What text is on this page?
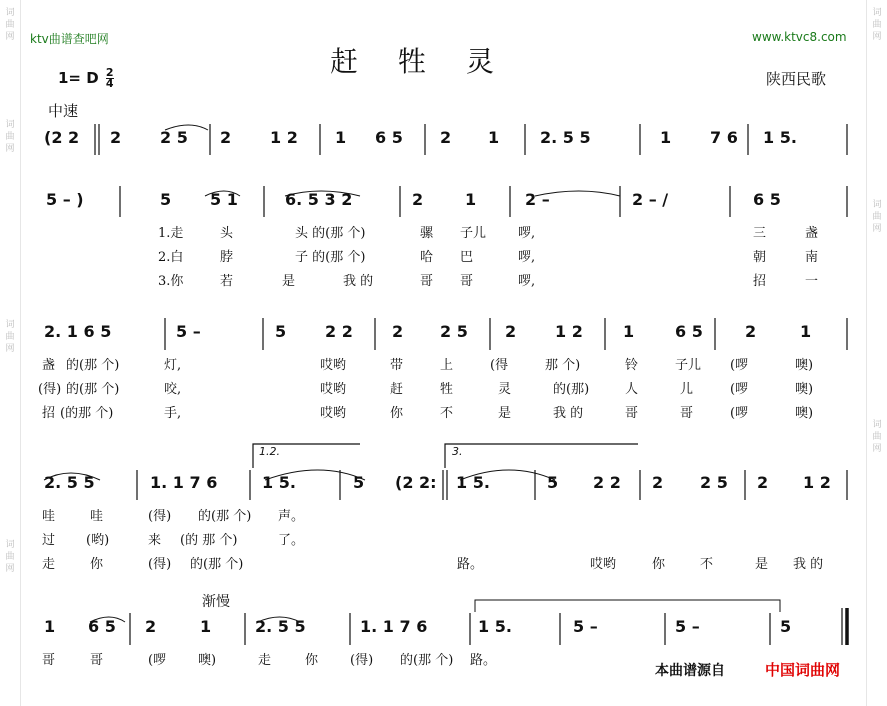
词
曲
网
词
曲
网
词
曲
网
词
曲
网
词
曲
网
词
曲
网
词
曲
网
ktv曲谱查吧网	www.ktvc8.com
赶牲灵
1= D $\frac{2}{4}$	陕西民歌
中速
(2 2 2 2 5 2 1 2 1 6 5 2 1	2. 5 5	1 7 6 1 5.
5 – )	5 5 1	6. 5 3 2	2	1	2 –	2 – /	6 5
1.走	头	头 的(那 个)	骡 子儿 啰,	三	盏
2.白	脖	子 的(那 个)	哈 巴	啰,	朝	南
3.你	若	是	我 的	哥 哥	啰,	招	一
2. 1 6 5	5 –	5 2 2 2 2 5 2 1 2	1	6 5	2	1
盏 的(那 个)	灯,	哎哟	带	上	(得	那 个)	铃	子儿 (啰	噢)
(得) 的(那 个)	咬,	哎哟	赶	牲	灵	的(那)	人	儿	(啰	噢)
招 (的那 个)	手,	哎哟	你	不	是	我 的	哥	哥	(啰	噢)
1.2.	3.
2. 5 5	1. 1 7 6	1 5.	5 (2 2: 1 5.	5 2 2 2 2 5 2 1 2
哇	哇	(得) 的(那 个) 声。
过 (哟)	来 (的 那 个)	了。
走	你	(得) 的(那 个)	路。	哎哟	你	不	是 我 的
渐慢
1 6 5 2	1	2. 5 5	1. 1 7 6	1 5.	5 –	5 –	5
哥	哥	(啰 噢)	走	你 (得) 的(那 个) 路。
本曲谱源自	中国词曲网
